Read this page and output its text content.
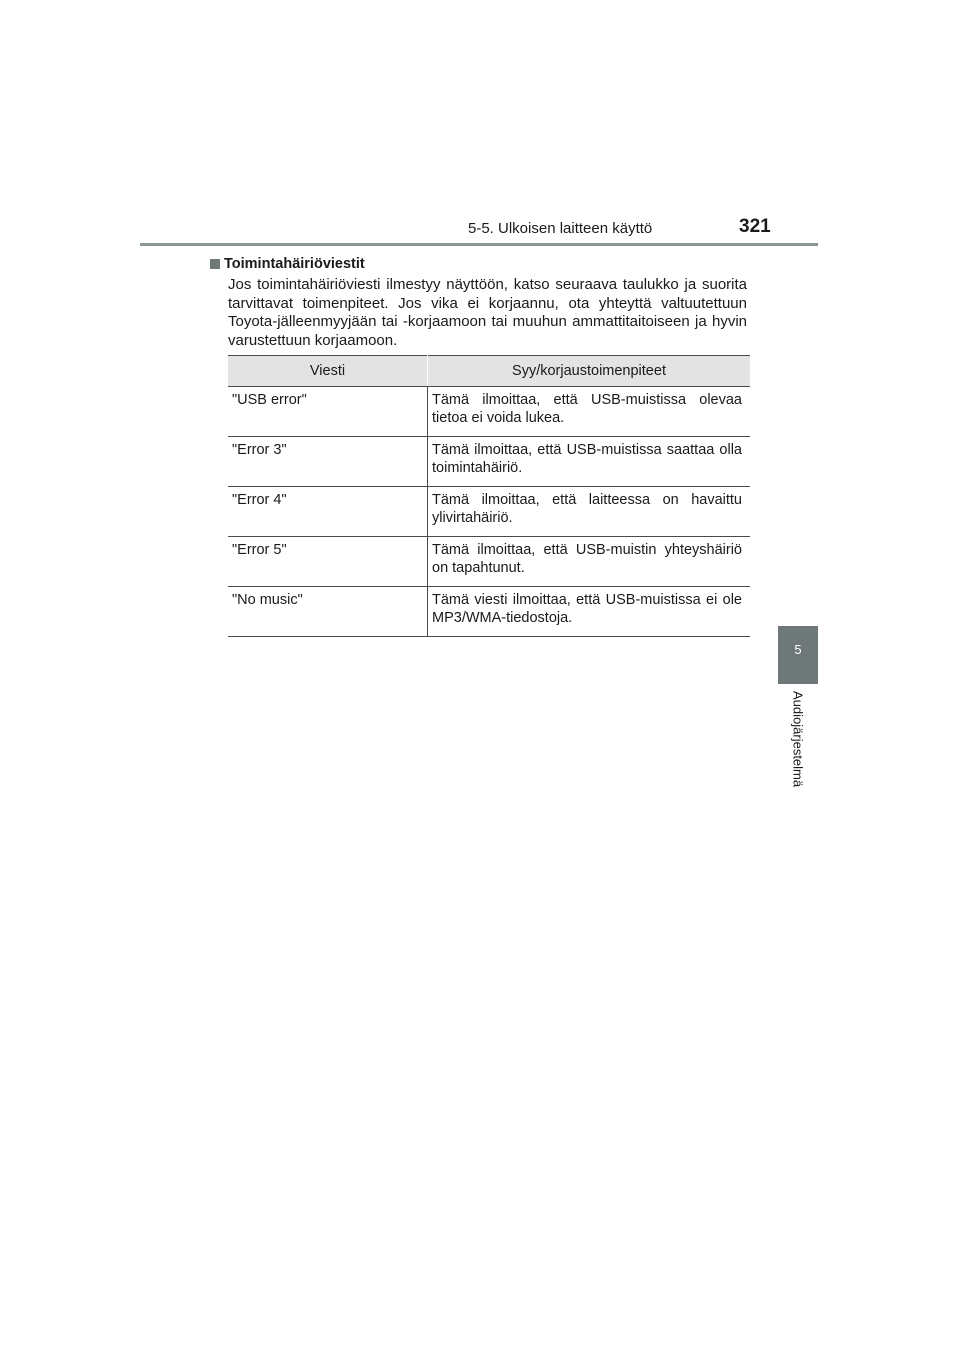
5-5. Ulkoisen laitteen käyttö	321
5
Audiojärjestelmä
Toimintahäiriöviestit

Jos toimintahäiriöviesti ilmestyy näyttöön, katso seuraava taulukko ja suorita tarvittavat toimenpiteet. Jos vika ei korjaannu, ota yhteyttä valtuutettuun Toyota-jälleenmyyjään tai -korjaamoon tai muuhun ammattitaitoiseen ja hyvin varustettuun korjaamoon.

Viesti	Syy/korjaustoimenpiteet
"USB error"	Tämä ilmoittaa, että USB-muistissa olevaa tietoa ei voida lukea.
"Error 3"	Tämä ilmoittaa, että USB-muistissa saattaa olla toimintahäiriö.
"Error 4"	Tämä ilmoittaa, että laitteessa on havaittu ylivirtahäiriö.
"Error 5"	Tämä ilmoittaa, että USB-muistin yhteyshäiriö on tapahtunut.
"No music"	Tämä viesti ilmoittaa, että USB-muistissa ei ole MP3/WMA-tiedostoja.
